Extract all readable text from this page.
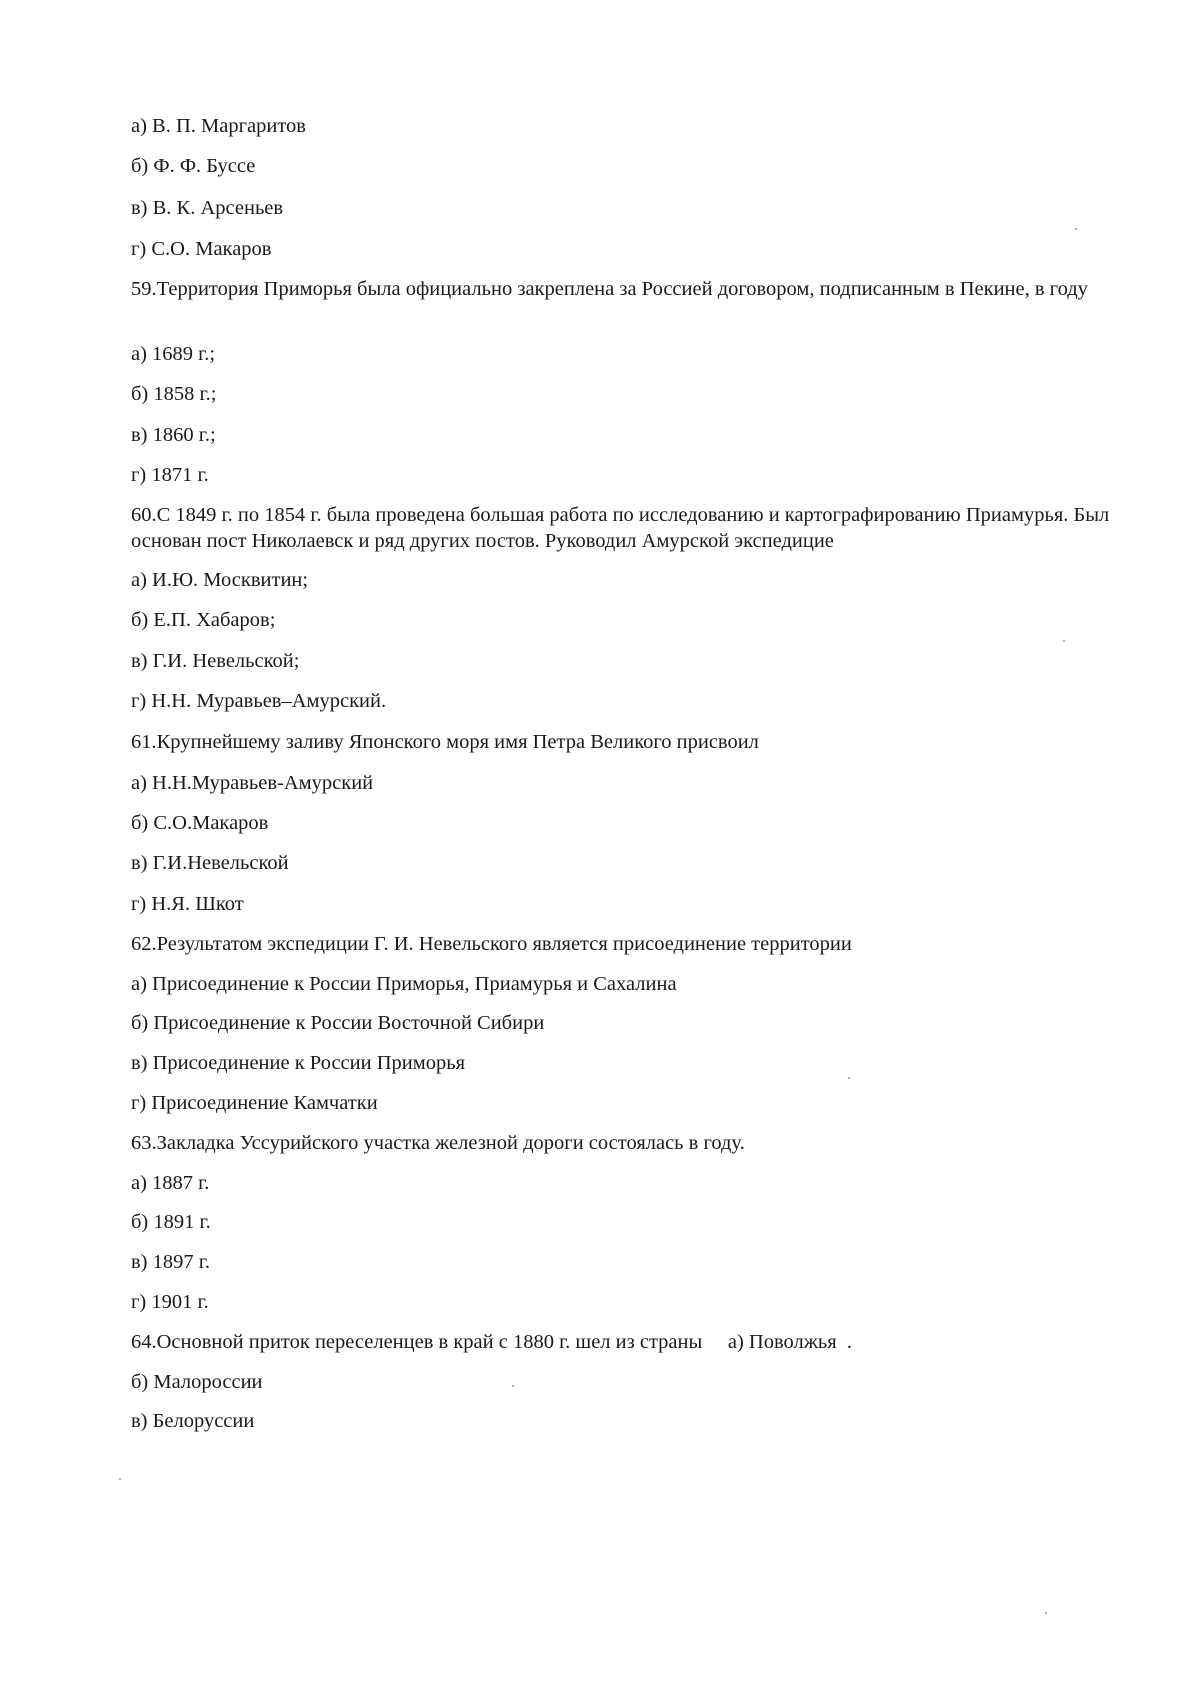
а) В. П. Маргаритов

б) Ф. Ф. Буссе

в) В. К. Арсеньев

г) С.О. Макаров

59.Территория Приморья была официально закреплена за Россией договором, подписанным в Пекине, в году

а) 1689 г.;

б) 1858 г.;

в) 1860 г.;

г) 1871 г.

60.С 1849 г. по 1854 г. была проведена большая работа по исследованию и картографированию Приамурья. Был основан пост Николаевск и ряд других постов. Руководил Амурской экспедицие

а) И.Ю. Москвитин;

б) Е.П. Хабаров;

в) Г.И. Невельской;

г) Н.Н. Муравьев–Амурский.

61.Крупнейшему заливу Японского моря имя Петра Великого присвоил

а) Н.Н.Муравьев-Амурский

б) С.О.Макаров

в) Г.И.Невельской

г) Н.Я. Шкот

62.Результатом экспедиции Г. И. Невельского является присоединение территории

а) Присоединение к России Приморья, Приамурья и Сахалина

б) Присоединение к России Восточной Сибири

в) Присоединение к России Приморья

г) Присоединение Камчатки

63.Закладка Уссурийского участка железной дороги состоялась в году.

а) 1887 г.

б) 1891 г.

в) 1897 г.

г) 1901 г.

64.Основной приток переселенцев в край с 1880 г. шел из страны     а) Поволжья  .

б) Малороссии

в) Белоруссии
